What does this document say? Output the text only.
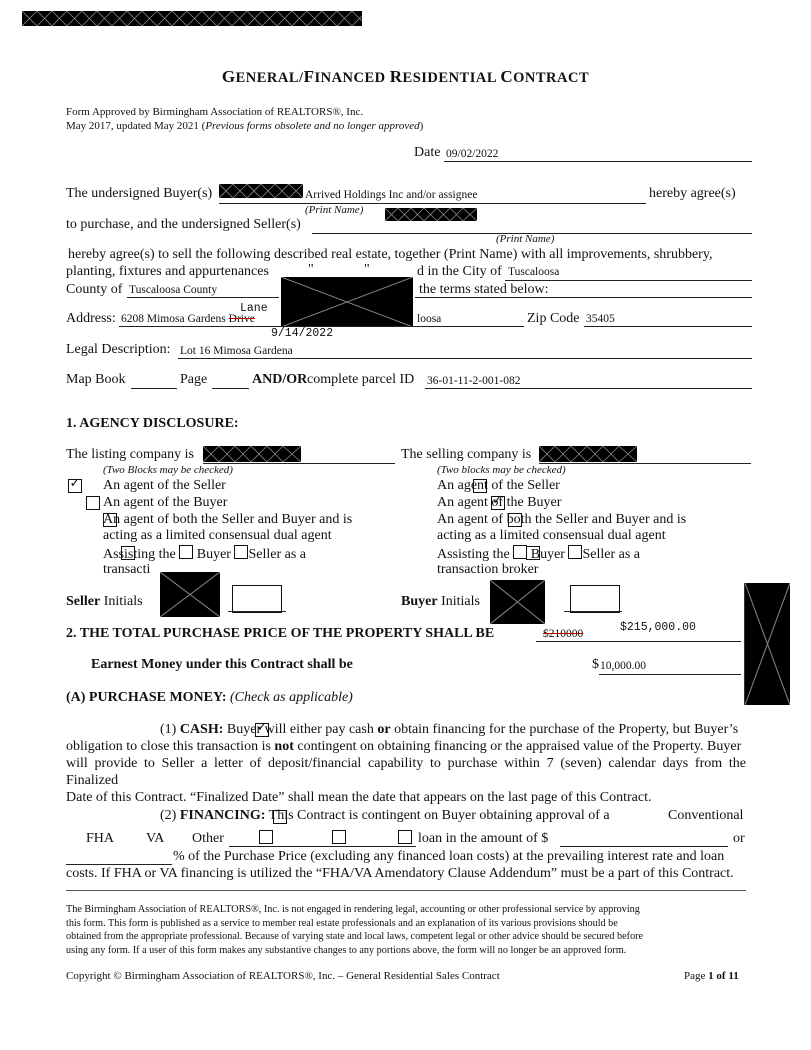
GENERAL/FINANCED RESIDENTIAL CONTRACT
Form Approved by Birmingham Association of REALTORS®, Inc.
May 2017, updated May 2021 (Previous forms obsolete and no longer approved)
Date 09/02/2022
The undersigned Buyer(s)	Arrived Holdings Inc and/or assignee	hereby agree(s)
(Print Name)
to purchase, and the undersigned Seller(s)
(Print Name)
hereby agree(s) to sell the following described real estate, together (Print Name) with all improvements, shrubbery,
planting, fixtures and appurtenances	"	"	d in the City of Tuscaloosa
County of Tuscaloosa County	the terms stated below:
Address: 6208 Mimosa Gardens Drive
Lane
9/14/2022
loosa	Zip Code 35405
Legal Description: Lot 16 Mimosa Gardena
Map Book	Page	AND/OR complete parcel ID 36-01-11-2-001-082
1. AGENCY DISCLOSURE:
The listing company is	The selling company is
(Two Blocks may be checked)	(Two blocks may be checked)
✓
An agent of the Seller

An agent of the Buyer

An agent of both the Seller and Buyer and is
acting as a limited consensual dual agent

Assisting the Buyer Seller as a
transacti

An agent of the Seller
✓
An agent of the Buyer

An agent of both the Seller and Buyer and is
acting as a limited consensual dual agent

Assisting the Buyer Seller as a
transaction broker
Seller Initials	Buyer Initials
2. THE TOTAL PURCHASE PRICE OF THE PROPERTY SHALL BE	$210000	$215,000.00
Earnest Money under this Contract shall be	$ 10,000.00
(A) PURCHASE MONEY: (Check as applicable)
✓
(1) CASH: Buyer will either pay cash or obtain financing for the purchase of the Property, but Buyer’s
obligation to close this transaction is not contingent on obtaining financing or the appraised value of the Property. Buyer
will provide to Seller a letter of deposit/financial capability to purchase within 7 (seven) calendar days from the Finalized
Date of this Contract. “Finalized Date” shall mean the date that appears on the last page of this Contract.

(2) FINANCING: This Contract is contingent on Buyer obtaining approval of a
	Conventional

FHA
VA Other	loan in the amount of $	or
% of the Purchase Price (excluding any financed loan costs) at the prevailing interest rate and loan
costs. If FHA or VA financing is utilized the “FHA/VA Amendatory Clause Addendum” must be a part of this Contract.
The Birmingham Association of REALTORS®, Inc. is not engaged in rendering legal, accounting or other professional service by approving
this form. This form is published as a service to member real estate professionals and an explanation of its various provisions should be
obtained from the appropriate professional. Because of varying state and local laws, competent legal or other advice should be secured before
using any form. If a user of this form makes any substantive changes to any portions above, the form will no longer be an approved form.
Copyright © Birmingham Association of REALTORS®, Inc. – General Residential Sales Contract	Page 1 of 11
